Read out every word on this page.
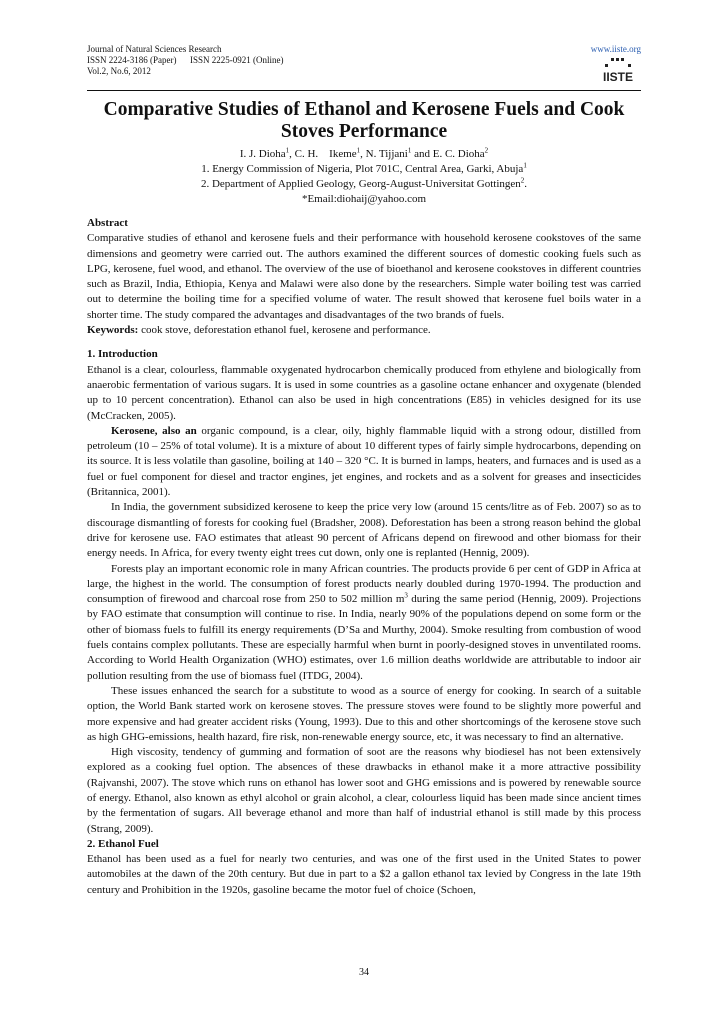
Journal of Natural Sciences Research
ISSN 2224-3186 (Paper)      ISSN 2225-0921 (Online)
Vol.2, No.6, 2012
www.iiste.org
IISTE
Comparative Studies of Ethanol and Kerosene Fuels and Cook Stoves Performance
I. J. Dioha$^1$, C. H.    Ikeme$^1$, N. Tijjani$^1$ and E. C. Dioha$^2$
1. Energy Commission of Nigeria, Plot 701C, Central Area, Garki, Abuja$^1$
2. Department of Applied Geology, Georg-August-Universitat Gottingen$^2$.
*Email:diohaij@yahoo.com
Abstract
Comparative studies of ethanol and kerosene fuels and their performance with household kerosene cookstoves of the same dimensions and geometry were carried out. The authors examined the different sources of domestic cooking fuels such as LPG, kerosene, fuel wood, and ethanol. The overview of the use of bioethanol and kerosene cookstoves in different countries such as Brazil, India, Ethiopia, Kenya and Malawi were also done by the researchers. Simple water boiling test was carried out to determine the boiling time for a specified volume of water. The result showed that kerosene fuel boils water in a shorter time. The study compared the advantages and disadvantages of the two brands of fuels.
Keywords: cook stove, deforestation ethanol fuel, kerosene and performance.
1. Introduction
Ethanol is a clear, colourless, flammable oxygenated hydrocarbon chemically produced from ethylene and biologically from anaerobic fermentation of various sugars. It is used in some countries as a gasoline octane enhancer and oxygenate (blended up to 10 percent concentration). Ethanol can also be used in high concentrations (E85) in vehicles designed for its use (McCracken, 2005).
Kerosene, also an organic compound, is a clear, oily, highly flammable liquid with a strong odour, distilled from petroleum (10 – 25% of total volume). It is a mixture of about 10 different types of fairly simple hydrocarbons, depending on its source. It is less volatile than gasoline, boiling at 140 – 320 °C. It is burned in lamps, heaters, and furnaces and is used as a fuel or fuel component for diesel and tractor engines, jet engines, and rockets and as a solvent for greases and insecticides (Britannica, 2001).
In India, the government subsidized kerosene to keep the price very low (around 15 cents/litre as of Feb. 2007) so as to discourage dismantling of forests for cooking fuel (Bradsher, 2008). Deforestation has been a strong reason behind the global drive for kerosene use. FAO estimates that atleast 90 percent of Africans depend on firewood and other biomass for their energy needs. In Africa, for every twenty eight trees cut down, only one is replanted (Hennig, 2009).
Forests play an important economic role in many African countries. The products provide 6 per cent of GDP in Africa at large, the highest in the world. The consumption of forest products nearly doubled during 1970-1994. The production and consumption of firewood and charcoal rose from 250 to 502 million $m^3$ during the same period (Hennig, 2009). Projections by FAO estimate that consumption will continue to rise. In India, nearly 90% of the populations depend on some form or the other of biomass fuels to fulfill its energy requirements (D’Sa and Murthy, 2004). Smoke resulting from combustion of wood fuels contains complex pollutants. These are especially harmful when burnt in poorly-designed stoves in unventilated rooms. According to World Health Organization (WHO) estimates, over 1.6 million deaths worldwide are attributable to indoor air pollution resulting from the use of biomass fuel (ITDG, 2004).
These issues enhanced the search for a substitute to wood as a source of energy for cooking. In search of a suitable option, the World Bank started work on kerosene stoves. The pressure stoves were found to be slightly more powerful and more expensive and had greater accident risks (Young, 1993). Due to this and other shortcomings of the kerosene stove such as high GHG-emissions, health hazard, fire risk, non-renewable energy source, etc, it was necessary to find an alternative.
High viscosity, tendency of gumming and formation of soot are the reasons why biodiesel has not been extensively explored as a cooking fuel option. The absences of these drawbacks in ethanol make it a more attractive possibility (Rajvanshi, 2007). The stove which runs on ethanol has lower soot and GHG emissions and is powered by renewable source of energy. Ethanol, also known as ethyl alcohol or grain alcohol, a clear, colourless liquid has been made since ancient times by the fermentation of sugars. All beverage ethanol and more than half of industrial ethanol is still made by this process (Strang, 2009).
2. Ethanol Fuel
Ethanol has been used as a fuel for nearly two centuries, and was one of the first used in the United States to power automobiles at the dawn of the 20th century. But due in part to a $2 a gallon ethanol tax levied by Congress in the late 19th century and Prohibition in the 1920s, gasoline became the motor fuel of choice (Schoen,
34
